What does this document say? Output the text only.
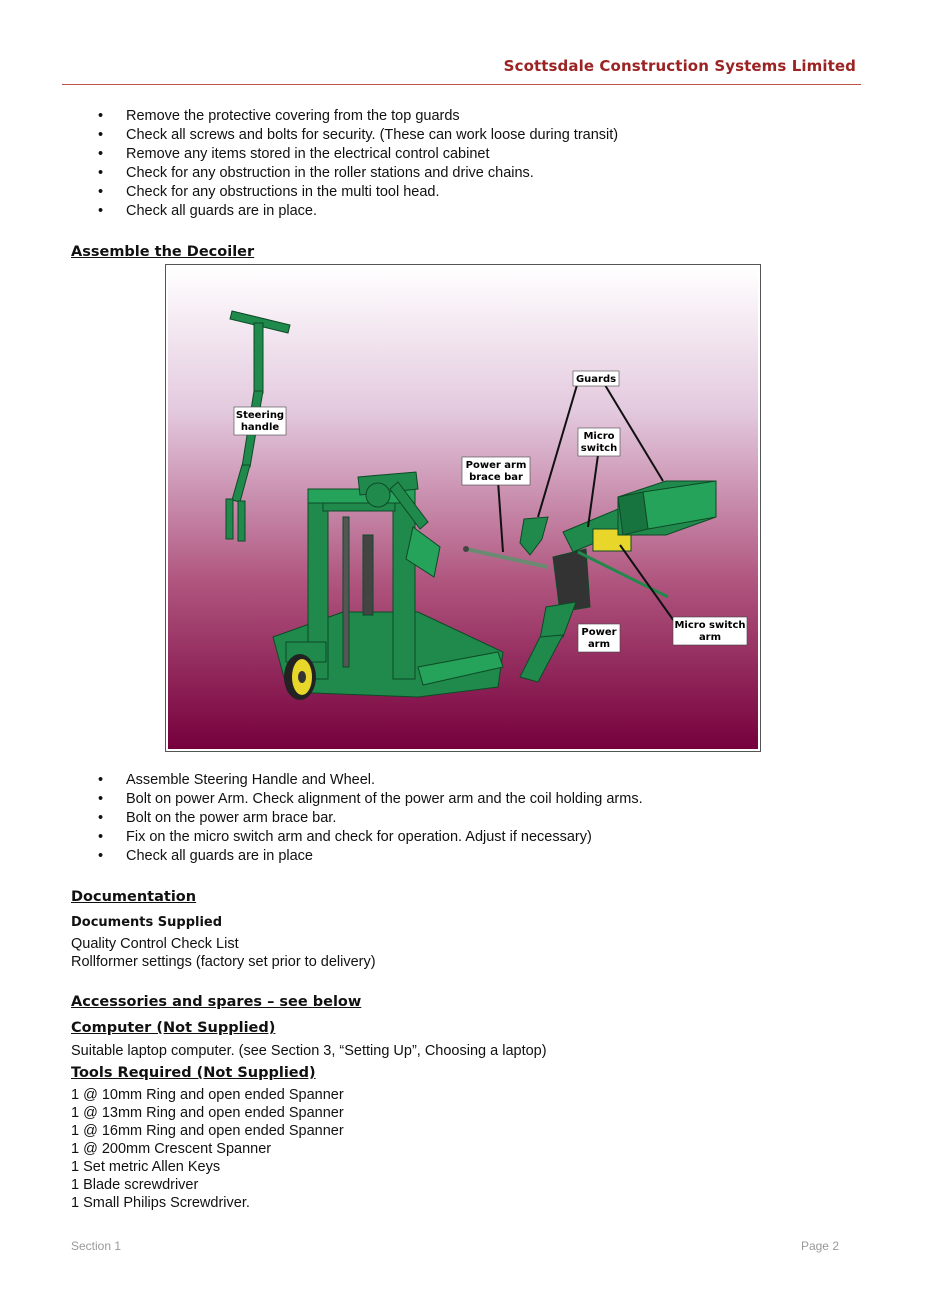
Scottsdale Construction Systems Limited
• Remove the protective covering from the top guards
• Check all screws and bolts for security. (These can work loose during transit)
• Remove any items stored in the electrical control cabinet
• Check for any obstruction in the roller stations and drive chains.
• Check for any obstructions in the multi tool head.
• Check all guards are in place.
Assemble the Decoiler
Steering
handle
Guards
Micro
switch
Power arm
brace bar
Power
arm
Micro switch
arm
• Assemble Steering Handle and Wheel.
• Bolt on power Arm. Check alignment of the power arm and the coil holding arms.
• Bolt on the power arm brace bar.
• Fix on the micro switch arm and check for operation. Adjust if necessary)
• Check all guards are in place
Documentation
Documents Supplied
Quality Control Check List
Rollformer settings (factory set prior to delivery)
Accessories and spares – see below
Computer (Not Supplied)
Suitable laptop computer. (see Section 3, “Setting Up”, Choosing a laptop)
Tools Required (Not Supplied)
1 @ 10mm Ring and open ended Spanner
1 @ 13mm Ring and open ended Spanner
1 @ 16mm Ring and open ended Spanner
1 @ 200mm Crescent Spanner
1 Set metric Allen Keys
1 Blade screwdriver
1 Small Philips Screwdriver.
Section 1	Page 2
